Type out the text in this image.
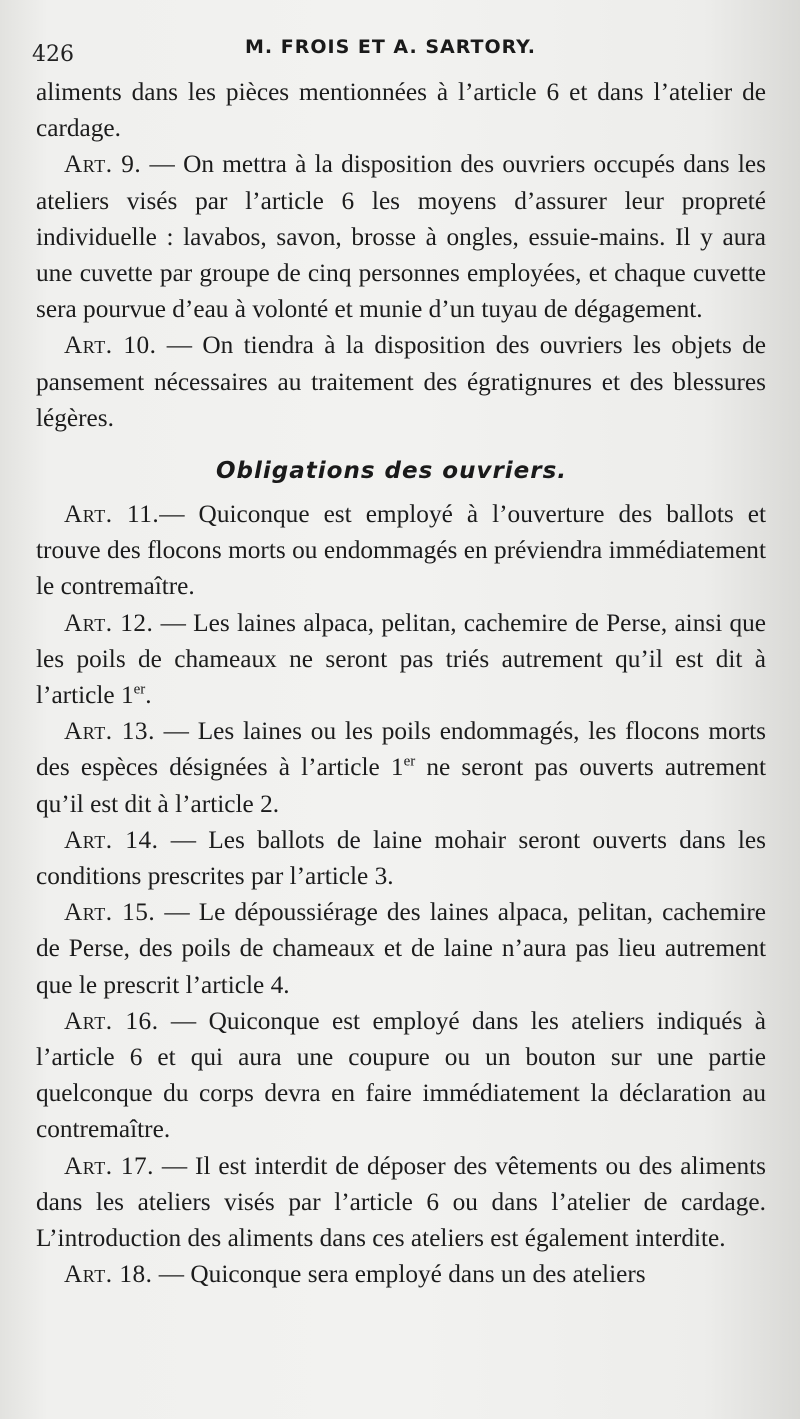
426	M. FROIS ET A. SARTORY.

aliments dans les pièces mentionnées à l’article 6 et dans l’atelier de cardage.

Art. 9. — On mettra à la disposition des ouvriers occupés dans les ateliers visés par l’article 6 les moyens d’assurer leur propreté individuelle : lavabos, savon, brosse à ongles, essuie-mains. Il y aura une cuvette par groupe de cinq personnes employées, et chaque cuvette sera pourvue d’eau à volonté et munie d’un tuyau de dégagement.

Art. 10. — On tiendra à la disposition des ouvriers les objets de pansement nécessaires au traitement des égratignures et des blessures légères.

Obligations des ouvriers.

Art. 11.— Quiconque est employé à l’ouverture des ballots et trouve des flocons morts ou endommagés en préviendra immédiatement le contremaître.

Art. 12. — Les laines alpaca, pelitan, cachemire de Perse, ainsi que les poils de chameaux ne seront pas triés autrement qu’il est dit à l’article 1er.

Art. 13. — Les laines ou les poils endommagés, les flocons morts des espèces désignées à l’article 1er ne seront pas ouverts autrement qu’il est dit à l’article 2.

Art. 14. — Les ballots de laine mohair seront ouverts dans les conditions prescrites par l’article 3.

Art. 15. — Le dépoussiérage des laines alpaca, pelitan, cachemire de Perse, des poils de chameaux et de laine n’aura pas lieu autrement que le prescrit l’article 4.

Art. 16. — Quiconque est employé dans les ateliers indiqués à l’article 6 et qui aura une coupure ou un bouton sur une partie quelconque du corps devra en faire immédiatement la déclaration au contremaître.

Art. 17. — Il est interdit de déposer des vêtements ou des aliments dans les ateliers visés par l’article 6 ou dans l’atelier de cardage. L’introduction des aliments dans ces ateliers est également interdite.

Art. 18. — Quiconque sera employé dans un des ateliers
